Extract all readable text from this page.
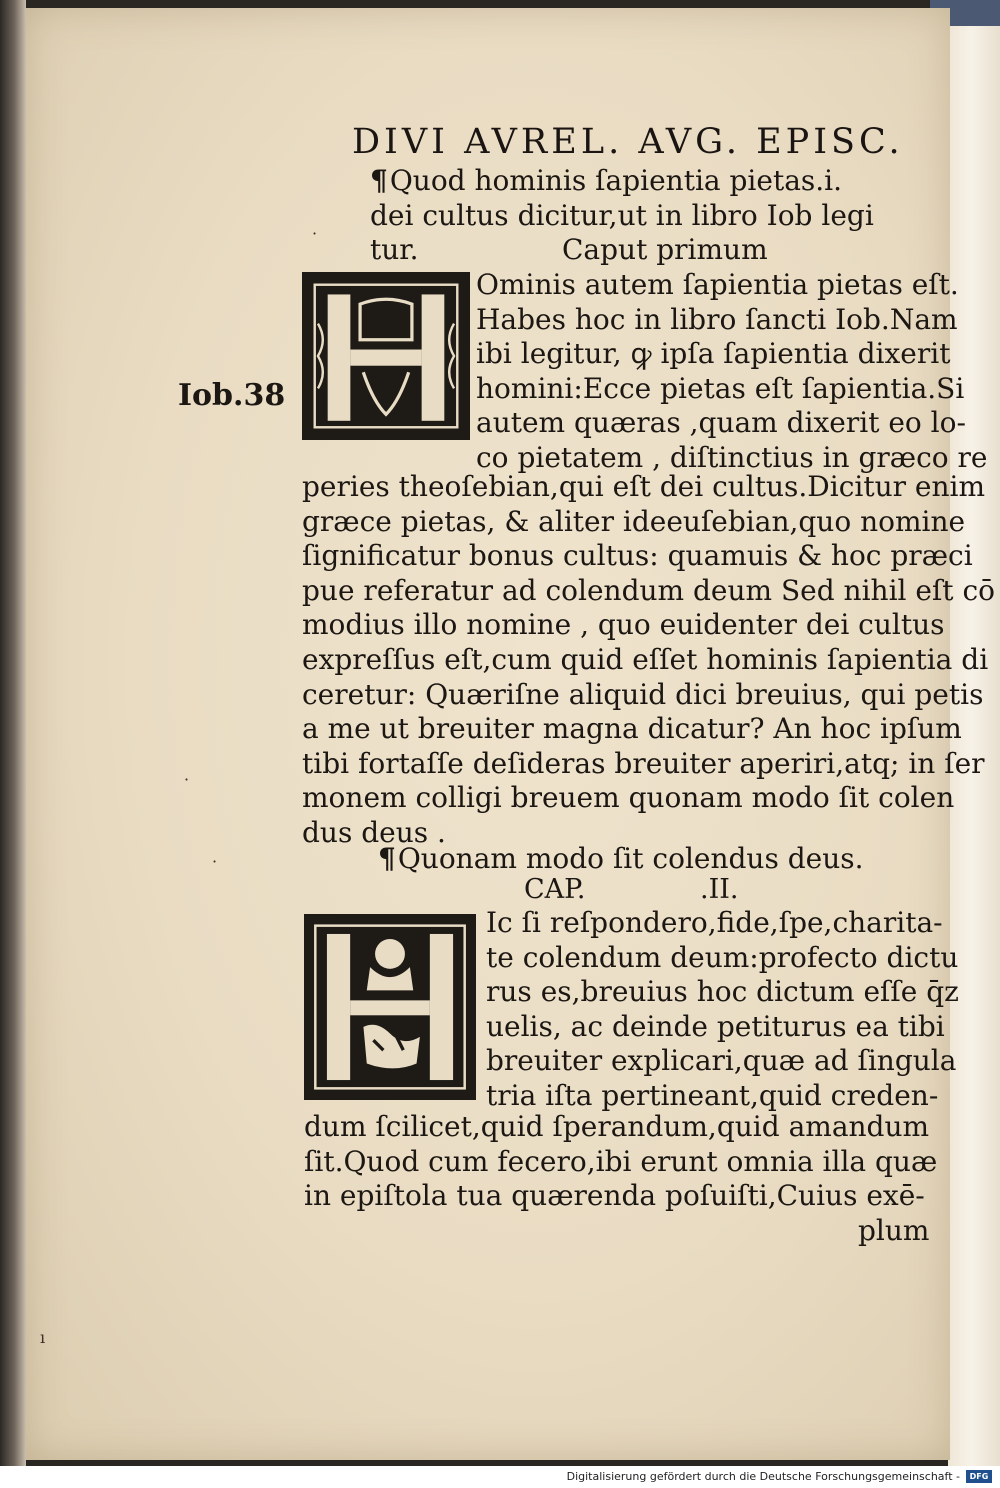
DIVI AVREL. AVG. EPISC.
¶Quod hominis ſapientia pietas.i.
dei cultus dicitur,ut in libro Iob legi
tur.	Caput primum
Iob.38
Ominis autem ſapientia pietas eſt.
Habes hoc in libro ſancti Iob.Nam
ibi legitur, ꝙ ipſa ſapientia dixerit
homini:Ecce pietas eſt ſapientia.Si
autem quæras ,quam dixerit eo lo-
co pietatem , diſtinctius in græco re
peries theoſebian,qui eſt dei cultus.Dicitur enim
græce pietas, & aliter ideeuſebian,quo nomine
ſignificatur bonus cultus: quamuis & hoc præci
pue referatur ad colendum deum Sed nihil eſt cō
modius illo nomine , quo euidenter dei cultus
expreſſus eſt,cum quid eſſet hominis ſapientia di
ceretur: Quæriſne aliquid dici breuius, qui petis
a me ut breuiter magna dicatur? An hoc ipſum
tibi fortaſſe deſideras breuiter aperiri,atq; in ſer
monem colligi breuem quonam modo ſit colen
dus deus .
¶Quonam modo ſit colendus deus.
CAP.	.II.
Ic ſi reſpondero,fide,ſpe,charita-
te colendum deum:profecto dictu
rus es,breuius hoc dictum eſſe q̄z
uelis, ac deinde petiturus ea tibi
breuiter explicari,quæ ad ſingula
tria iſta pertineant,quid creden-
dum ſcilicet,quid ſperandum,quid amandum
ſit.Quod cum fecero,ibi erunt omnia illa quæ
in epiſtola tua quærenda poſuiſti,Cuius exē-
plum
·
·
·
ı
Digitalisierung gefördert durch die Deutsche Forschungsgemeinschaft -	DFG
